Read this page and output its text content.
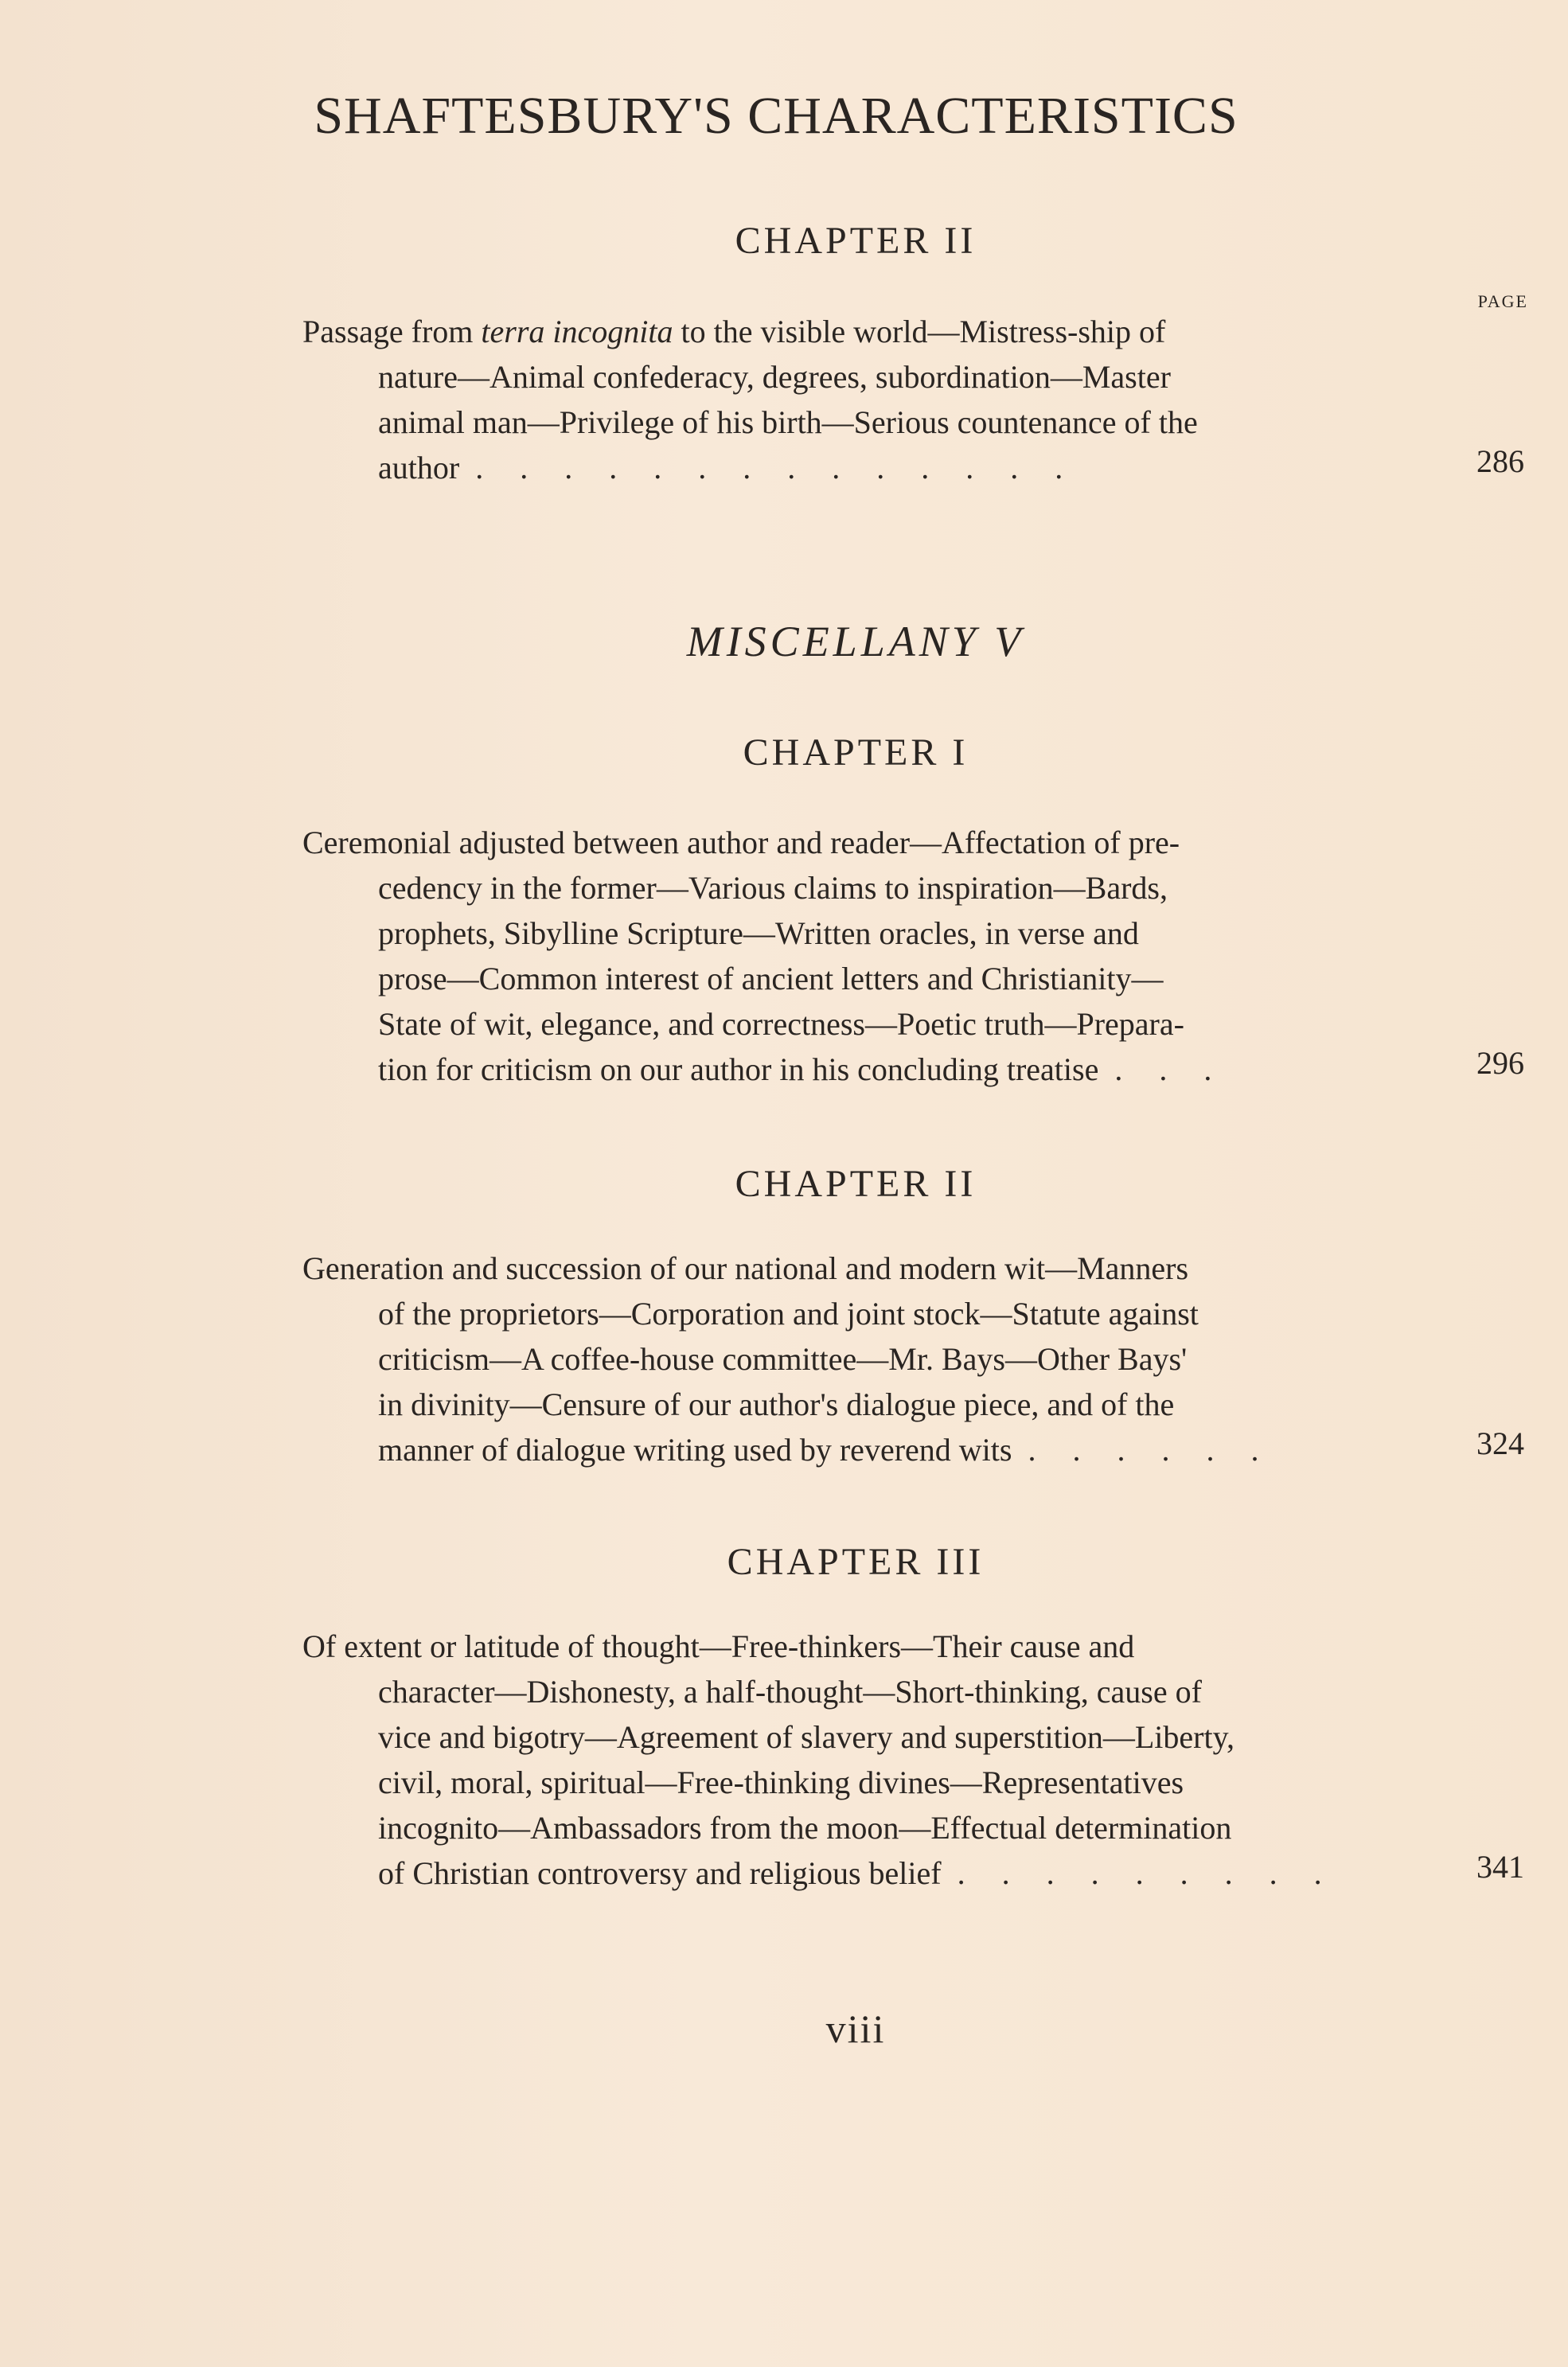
SHAFTESBURY'S CHARACTERISTICS
CHAPTER II
PAGE
Passage from terra incognita to the visible world—Mistress-ship of
nature—Animal confederacy, degrees, subordination—Master
animal man—Privilege of his birth—Serious countenance of the
author . . . . . . . . . . . . . .	286
MISCELLANY V
CHAPTER I
Ceremonial adjusted between author and reader—Affectation of pre-
cedency in the former—Various claims to inspiration—Bards,
prophets, Sibylline Scripture—Written oracles, in verse and
prose—Common interest of ancient letters and Christianity—
State of wit, elegance, and correctness—Poetic truth—Prepara-
tion for criticism on our author in his concluding treatise . . .	296
CHAPTER II
Generation and succession of our national and modern wit—Manners
of the proprietors—Corporation and joint stock—Statute against
criticism—A coffee-house committee—Mr. Bays—Other Bays'
in divinity—Censure of our author's dialogue piece, and of the
manner of dialogue writing used by reverend wits . . . . . .	324
CHAPTER III
Of extent or latitude of thought—Free-thinkers—Their cause and
character—Dishonesty, a half-thought—Short-thinking, cause of
vice and bigotry—Agreement of slavery and superstition—Liberty,
civil, moral, spiritual—Free-thinking divines—Representatives
incognito—Ambassadors from the moon—Effectual determination
of Christian controversy and religious belief . . . . . . . . .	341
viii
